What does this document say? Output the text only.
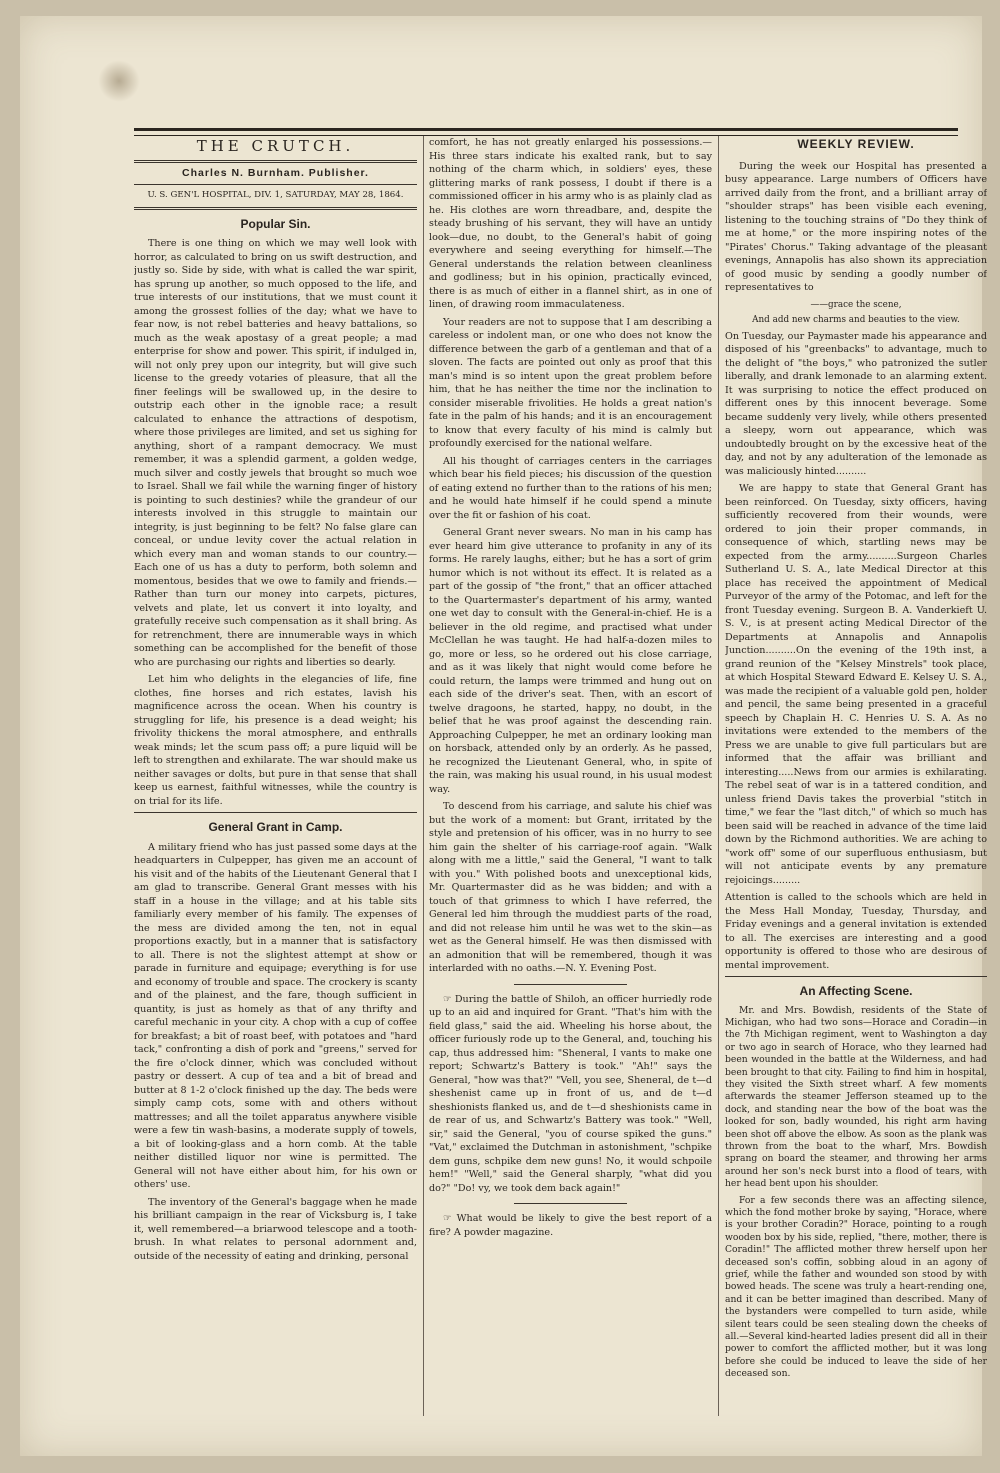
THE CRUTCH.
Charles N. Burnham. Publisher.
U. S. GEN'L HOSPITAL, DIV. 1, SATURDAY, MAY 28, 1864.
Popular Sin.

There is one thing on which we may well look with horror, as calculated to bring on us swift destruction, and justly so. Side by side, with what is called the war spirit, has sprung up another, so much opposed to the life, and true interests of our institutions, that we must count it among the grossest follies of the day; what we have to fear now, is not rebel batteries and heavy battalions, so much as the weak apostasy of a great people; a mad enterprise for show and power. This spirit, if indulged in, will not only prey upon our integrity, but will give such license to the greedy votaries of pleasure, that all the finer feelings will be swallowed up, in the desire to outstrip each other in the ignoble race; a result calculated to enhance the attractions of despotism, where those privileges are limited, and set us sighing for anything, short of a rampant democracy. We must remember, it was a splendid garment, a golden wedge, much silver and costly jewels that brought so much woe to Israel. Shall we fail while the warning finger of history is pointing to such destinies? while the grandeur of our interests involved in this struggle to maintain our integrity, is just beginning to be felt? No false glare can conceal, or undue levity cover the actual relation in which every man and woman stands to our country.—Each one of us has a duty to perform, both solemn and momentous, besides that we owe to family and friends.—Rather than turn our money into carpets, pictures, velvets and plate, let us convert it into loyalty, and gratefully receive such compensation as it shall bring. As for retrenchment, there are innumerable ways in which something can be accomplished for the benefit of those who are purchasing our rights and liberties so dearly.

Let him who delights in the elegancies of life, fine clothes, fine horses and rich estates, lavish his magnificence across the ocean. When his country is struggling for life, his presence is a dead weight; his frivolity thickens the moral atmosphere, and enthralls weak minds; let the scum pass off; a pure liquid will be left to strengthen and exhilarate. The war should make us neither savages or dolts, but pure in that sense that shall keep us earnest, faithful witnesses, while the country is on trial for its life.

General Grant in Camp.

A military friend who has just passed some days at the headquarters in Culpepper, has given me an account of his visit and of the habits of the Lieutenant General that I am glad to transcribe. General Grant messes with his staff in a house in the village; and at his table sits familiarly every member of his family. The expenses of the mess are divided among the ten, not in equal proportions exactly, but in a manner that is satisfactory to all. There is not the slightest attempt at show or parade in furniture and equipage; everything is for use and economy of trouble and space. The crockery is scanty and of the plainest, and the fare, though sufficient in quantity, is just as homely as that of any thrifty and careful mechanic in your city. A chop with a cup of coffee for breakfast; a bit of roast beef, with potatoes and "hard tack," confronting a dish of pork and "greens," served for the fire o'clock dinner, which was concluded without pastry or dessert. A cup of tea and a bit of bread and butter at 8 1-2 o'clock finished up the day. The beds were simply camp cots, some with and others without mattresses; and all the toilet apparatus anywhere visible were a few tin wash-basins, a moderate supply of towels, a bit of looking-glass and a horn comb. At the table neither distilled liquor nor wine is permitted. The General will not have either about him, for his own or others' use.

The inventory of the General's baggage when he made his brilliant campaign in the rear of Vicksburg is, I take it, well remembered—a briarwood telescope and a tooth-brush. In what relates to personal adornment and, outside of the necessity of eating and drinking, personal

comfort, he has not greatly enlarged his possessions.—His three stars indicate his exalted rank, but to say nothing of the charm which, in soldiers' eyes, these glittering marks of rank possess, I doubt if there is a commissioned officer in his army who is as plainly clad as he. His clothes are worn threadbare, and, despite the steady brushing of his servant, they will have an untidy look—due, no doubt, to the General's habit of going everywhere and seeing everything for himself.—The General understands the relation between cleanliness and godliness; but in his opinion, practically evinced, there is as much of either in a flannel shirt, as in one of linen, of drawing room immaculateness.

Your readers are not to suppose that I am describing a careless or indolent man, or one who does not know the difference between the garb of a gentleman and that of a sloven. The facts are pointed out only as proof that this man's mind is so intent upon the great problem before him, that he has neither the time nor the inclination to consider miserable frivolities. He holds a great nation's fate in the palm of his hands; and it is an encouragement to know that every faculty of his mind is calmly but profoundly exercised for the national welfare.

All his thought of carriages centers in the carriages which bear his field pieces; his discussion of the question of eating extend no further than to the rations of his men; and he would hate himself if he could spend a minute over the fit or fashion of his coat.

General Grant never swears. No man in his camp has ever heard him give utterance to profanity in any of its forms. He rarely laughs, either; but he has a sort of grim humor which is not without its effect. It is related as a part of the gossip of "the front," that an officer attached to the Quartermaster's department of his army, wanted one wet day to consult with the General-in-chief. He is a believer in the old regime, and practised what under McClellan he was taught. He had half-a-dozen miles to go, more or less, so he ordered out his close carriage, and as it was likely that night would come before he could return, the lamps were trimmed and hung out on each side of the driver's seat. Then, with an escort of twelve dragoons, he started, happy, no doubt, in the belief that he was proof against the descending rain. Approaching Culpepper, he met an ordinary looking man on horsback, attended only by an orderly. As he passed, he recognized the Lieutenant General, who, in spite of the rain, was making his usual round, in his usual modest way.

To descend from his carriage, and salute his chief was but the work of a moment: but Grant, irritated by the style and pretension of his officer, was in no hurry to see him gain the shelter of his carriage-roof again. "Walk along with me a little," said the General, "I want to talk with you." With polished boots and unexceptional kids, Mr. Quartermaster did as he was bidden; and with a touch of that grimness to which I have referred, the General led him through the muddiest parts of the road, and did not release him until he was wet to the skin—as wet as the General himself. He was then dismissed with an admonition that will be remembered, though it was interlarded with no oaths.—N. Y. Evening Post.

☞ During the battle of Shiloh, an officer hurriedly rode up to an aid and inquired for Grant. "That's him with the field glass," said the aid. Wheeling his horse about, the officer furiously rode up to the General, and, touching his cap, thus addressed him: "Sheneral, I vants to make one report; Schwartz's Battery is took." "Ah!" says the General, "how was that?" "Vell, you see, Sheneral, de t—d sheshenist came up in front of us, and de t—d sheshionists flanked us, and de t—d sheshionists came in de rear of us, and Schwartz's Battery was took." "Well, sir," said the General, "you of course spiked the guns." "Vat," exclaimed the Dutchman in astonishment, "schpike dem guns, schpike dem new guns! No, it would schpoile hem!" "Well," said the General sharply, "what did you do?" "Do! vy, we took dem back again!"

☞ What would be likely to give the best report of a fire? A powder magazine.

WEEKLY REVIEW.

During the week our Hospital has presented a busy appearance. Large numbers of Officers have arrived daily from the front, and a brilliant array of "shoulder straps" has been visible each evening, listening to the touching strains of "Do they think of me at home," or the more inspiring notes of the "Pirates' Chorus." Taking advantage of the pleasant evenings, Annapolis has also shown its appreciation of good music by sending a goodly number of representatives to

——grace the scene,

And add new charms and beauties to the view.

On Tuesday, our Paymaster made his appearance and disposed of his "greenbacks" to advantage, much to the delight of "the boys," who patronized the sutler liberally, and drank lemonade to an alarming extent. It was surprising to notice the effect produced on different ones by this innocent beverage. Some became suddenly very lively, while others presented a sleepy, worn out appearance, which was undoubtedly brought on by the excessive heat of the day, and not by any adulteration of the lemonade as was maliciously hinted..........

We are happy to state that General Grant has been reinforced. On Tuesday, sixty officers, having sufficiently recovered from their wounds, were ordered to join their proper commands, in consequence of which, startling news may be expected from the army..........Surgeon Charles Sutherland U. S. A., late Medical Director at this place has received the appointment of Medical Purveyor of the army of the Potomac, and left for the front Tuesday evening. Surgeon B. A. Vanderkieft U. S. V., is at present acting Medical Director of the Departments at Annapolis and Annapolis Junction..........On the evening of the 19th inst, a grand reunion of the "Kelsey Minstrels" took place, at which Hospital Steward Edward E. Kelsey U. S. A., was made the recipient of a valuable gold pen, holder and pencil, the same being presented in a graceful speech by Chaplain H. C. Henries U. S. A. As no invitations were extended to the members of the Press we are unable to give full particulars but are informed that the affair was brilliant and interesting.....News from our armies is exhilarating. The rebel seat of war is in a tattered condition, and unless friend Davis takes the proverbial "stitch in time," we fear the "last ditch," of which so much has been said will be reached in advance of the time laid down by the Richmond authorities. We are aching to "work off" some of our superfluous enthusiasm, but will not anticipate events by any premature rejoicings.........

Attention is called to the schools which are held in the Mess Hall Monday, Tuesday, Thursday, and Friday evenings and a general invitation is extended to all. The exercises are interesting and a good opportunity is offered to those who are desirous of mental improvement.

An Affecting Scene.

Mr. and Mrs. Bowdish, residents of the State of Michigan, who had two sons—Horace and Coradin—in the 7th Michigan regiment, went to Washington a day or two ago in search of Horace, who they learned had been wounded in the battle at the Wilderness, and had been brought to that city. Failing to find him in hospital, they visited the Sixth street wharf. A few moments afterwards the steamer Jefferson steamed up to the dock, and standing near the bow of the boat was the looked for son, badly wounded, his right arm having been shot off above the elbow. As soon as the plank was thrown from the boat to the wharf, Mrs. Bowdish sprang on board the steamer, and throwing her arms around her son's neck burst into a flood of tears, with her head bent upon his shoulder.

For a few seconds there was an affecting silence, which the fond mother broke by saying, "Horace, where is your brother Coradin?" Horace, pointing to a rough wooden box by his side, replied, "there, mother, there is Coradin!" The afflicted mother threw herself upon her deceased son's coffin, sobbing aloud in an agony of grief, while the father and wounded son stood by with bowed heads. The scene was truly a heart-rending one, and it can be better imagined than described. Many of the bystanders were compelled to turn aside, while silent tears could be seen stealing down the cheeks of all.—Several kind-hearted ladies present did all in their power to comfort the afflicted mother, but it was long before she could be induced to leave the side of her deceased son.
